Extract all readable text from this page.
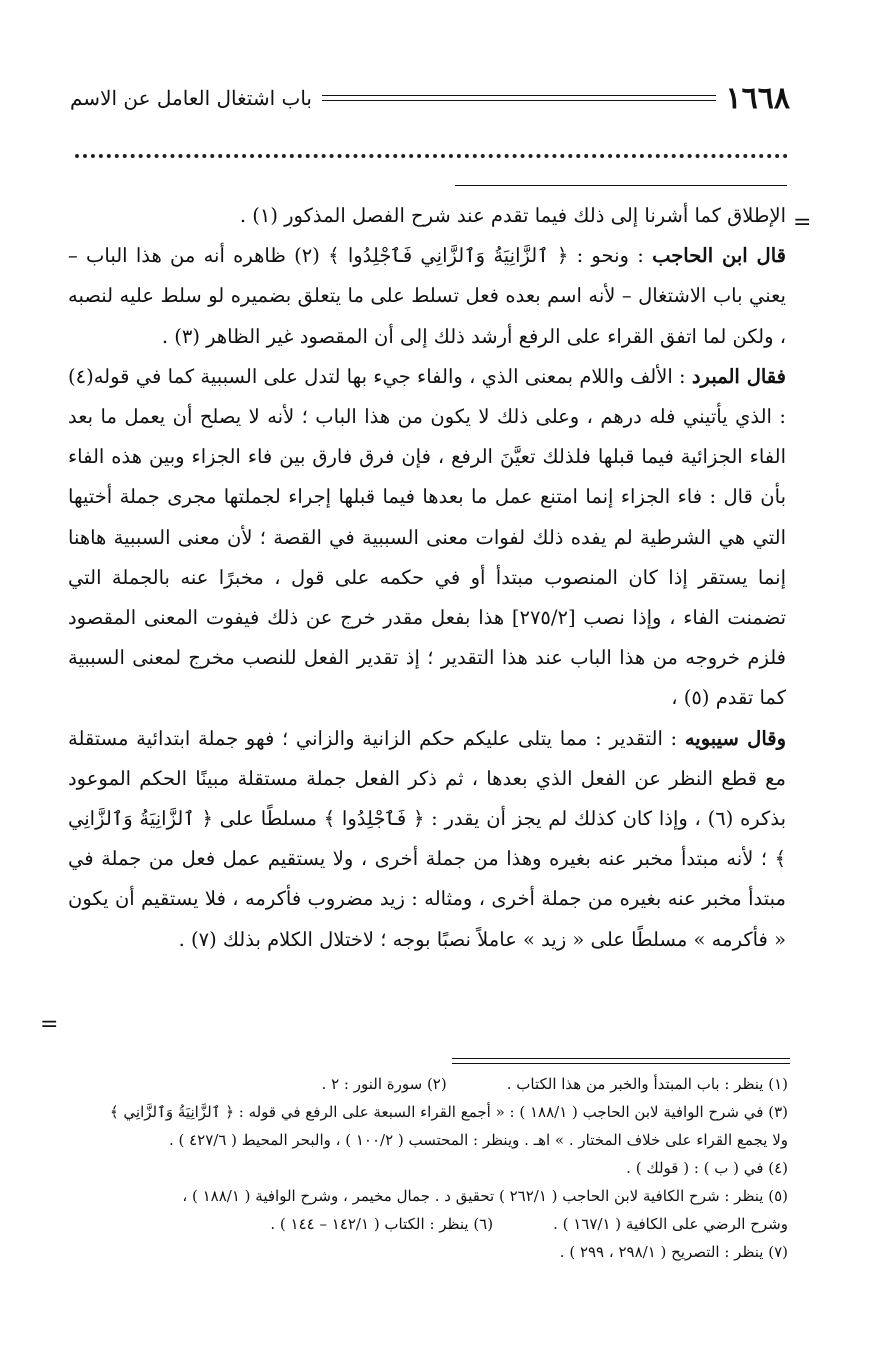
١٦٦٨
باب اشتغال العامل عن الاسم
=
=

الإطلاق كما أشرنا إلى ذلك فيما تقدم عند شرح الفصل المذكور (١) .

قال ابن الحاجب : ونحو : ﴿ ٱلزَّانِيَةُ وَٱلزَّانِي فَٱجْلِدُوا ﴾ (٢) ظاهره أنه من هذا الباب – يعني باب الاشتغال – لأنه اسم بعده فعل تسلط على ما يتعلق بضميره لو سلط عليه لنصبه ، ولكن لما اتفق القراء على الرفع أرشد ذلك إلى أن المقصود غير الظاهر (٣) .

فقال المبرد : الألف واللام بمعنى الذي ، والفاء جيء بها لتدل على السببية كما في قوله(٤) : الذي يأتيني فله درهم ، وعلى ذلك لا يكون من هذا الباب ؛ لأنه لا يصلح أن يعمل ما بعد الفاء الجزائية فيما قبلها فلذلك تعيَّنَ الرفع ، فإن فرق فارق بين فاء الجزاء وبين هذه الفاء بأن قال : فاء الجزاء إنما امتنع عمل ما بعدها فيما قبلها إجراء لجملتها مجرى جملة أختيها التي هي الشرطية لم يفده ذلك لفوات معنى السببية في القصة ؛ لأن معنى السببية هاهنا إنما يستقر إذا كان المنصوب مبتدأ أو في حكمه على قول ، مخبرًا عنه بالجملة التي تضمنت الفاء ، وإذا نصب [٢٧٥/٢] هذا بفعل مقدر خرج عن ذلك فيفوت المعنى المقصود فلزم خروجه من هذا الباب عند هذا التقدير ؛ إذ تقدير الفعل للنصب مخرج لمعنى السببية كما تقدم (٥) ،

وقال سيبويه : التقدير : مما يتلى عليكم حكم الزانية والزاني ؛ فهو جملة ابتدائية مستقلة مع قطع النظر عن الفعل الذي بعدها ، ثم ذكر الفعل جملة مستقلة مبينًا الحكم الموعود بذكره (٦) ، وإذا كان كذلك لم يجز أن يقدر : ﴿ فَٱجْلِدُوا ﴾ مسلطًا على ﴿ ٱلزَّانِيَةُ وَٱلزَّانِي ﴾ ؛ لأنه مبتدأ مخبر عنه بغيره وهذا من جملة أخرى ، ولا يستقيم عمل فعل من جملة في مبتدأ مخبر عنه بغيره من جملة أخرى ، ومثاله : زيد مضروب فأكرمه ، فلا يستقيم أن يكون « فأكرمه » مسلطًا على « زيد » عاملاً نصبًا بوجه ؛ لاختلال الكلام بذلك (٧) .

(١) ينظر : باب المبتدأ والخبر من هذا الكتاب .(٢) سورة النور : ٢ .

(٣) في شرح الوافية لابن الحاجب ( ١٨٨/١ ) : « أجمع القراء السبعة على الرفع في قوله : ﴿ ٱلزَّانِيَةُ وَٱلزَّانِي ﴾

ولا يجمع القراء على خلاف المختار . » اهـ . وينظر : المحتسب ( ١٠٠/٢ ) ، والبحر المحيط ( ٤٢٧/٦ ) .

(٤) في ( ب ) : ( قولك ) .

(٥) ينظر : شرح الكافية لابن الحاجب ( ٢٦٢/١ ) تحقيق د . جمال مخيمر ، وشرح الوافية ( ١٨٨/١ ) ،

وشرح الرضي على الكافية ( ١٦٧/١ ) .(٦) ينظر : الكتاب ( ١٤٢/١ – ١٤٤ ) .

(٧) ينظر : التصريح ( ٢٩٨/١ ، ٢٩٩ ) .
